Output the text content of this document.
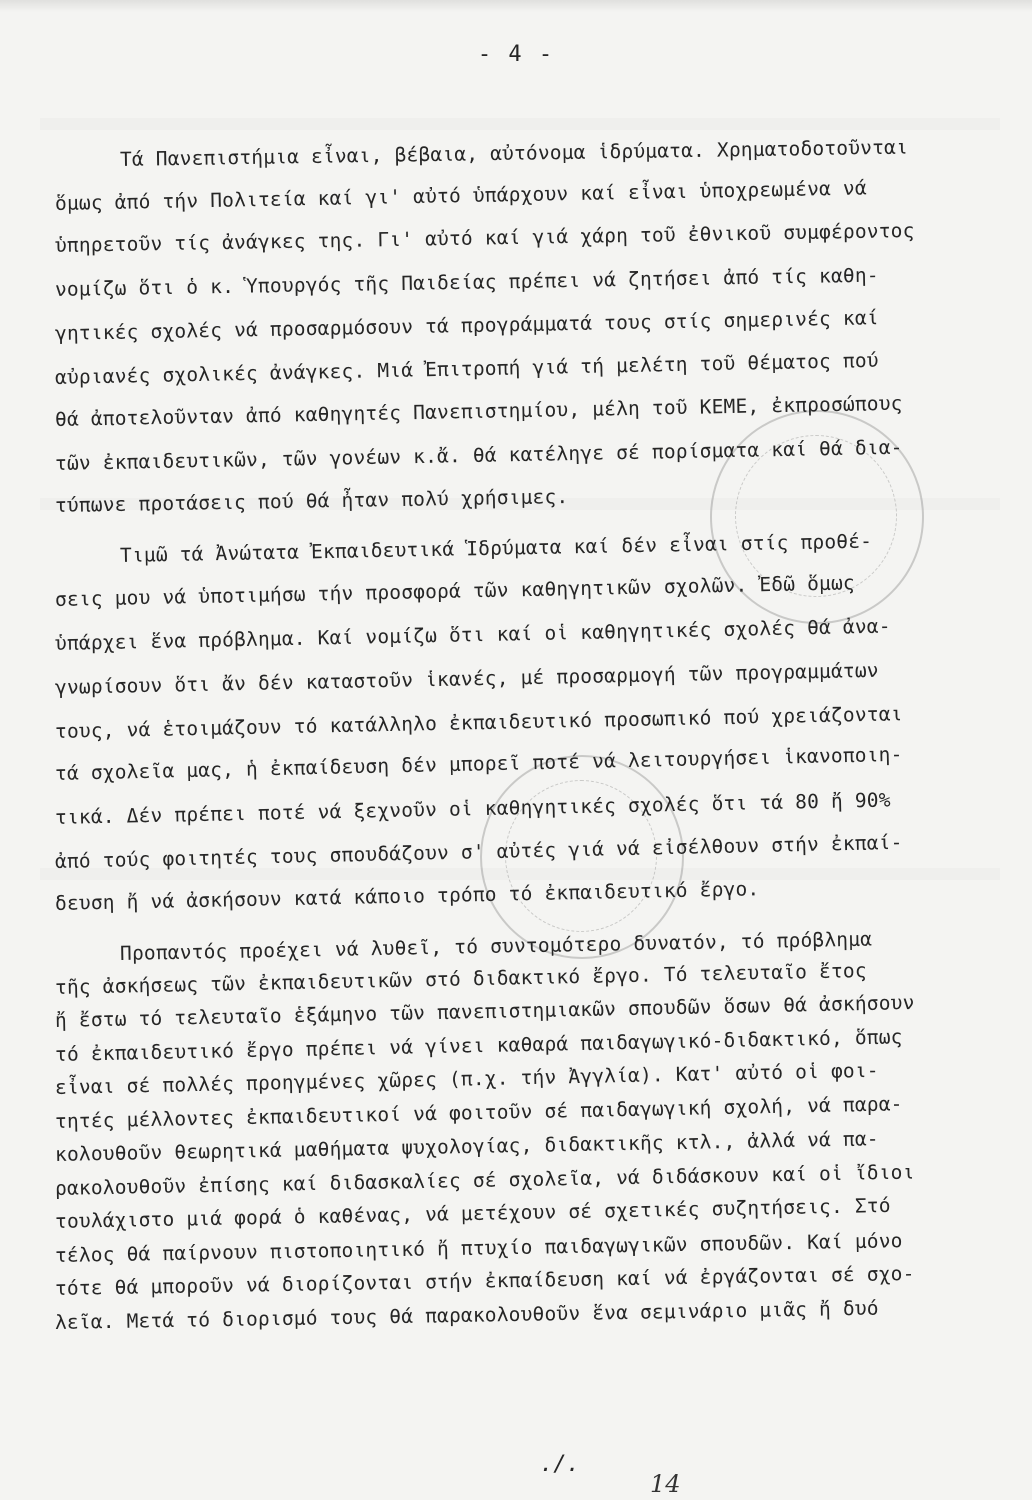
- 4 -
Τά Πανεπιστήμια εἶναι, βέβαια, αὐτόνομα ἱδρύματα. Χρηματοδοτοῦνται
ὅμως ἀπό τήν Πολιτεία καί γι' αὐτό ὑπάρχουν καί εἶναι ὑποχρεωμένα νά
ὑπηρετοῦν τίς ἀνάγκες της. Γι' αὐτό καί γιά χάρη τοῦ ἐθνικοῦ συμφέροντος
νομίζω ὅτι ὁ κ. Ὑπουργός τῆς Παιδείας πρέπει νά ζητήσει ἀπό τίς καθη-
γητικές σχολές νά προσαρμόσουν τά προγράμματά τους στίς σημερινές καί
αὐριανές σχολικές ἀνάγκες. Μιά Ἐπιτροπή γιά τή μελέτη τοῦ θέματος πού
θά ἀποτελοῦνταν ἀπό καθηγητές Πανεπιστημίου, μέλη τοῦ ΚΕΜΕ, ἐκπροσώπους
τῶν ἐκπαιδευτικῶν, τῶν γονέων κ.ἄ. θά κατέληγε σέ πορίσματα καί θά δια-
τύπωνε προτάσεις πού θά ἦταν πολύ χρήσιμες.
Τιμῶ τά Ἀνώτατα Ἐκπαιδευτικά Ἱδρύματα καί δέν εἶναι στίς προθέ-
σεις μου νά ὑποτιμήσω τήν προσφορά τῶν καθηγητικῶν σχολῶν. Ἐδῶ ὅμως
ὑπάρχει ἕνα πρόβλημα. Καί νομίζω ὅτι καί οἱ καθηγητικές σχολές θά ἀνα-
γνωρίσουν ὅτι ἄν δέν καταστοῦν ἱκανές, μέ προσαρμογή τῶν προγραμμάτων
τους, νά ἑτοιμάζουν τό κατάλληλο ἐκπαιδευτικό προσωπικό πού χρειάζονται
τά σχολεῖα μας, ἡ ἐκπαίδευση δέν μπορεῖ ποτέ νά λειτουργήσει ἱκανοποιη-
τικά. Δέν πρέπει ποτέ νά ξεχνοῦν οἱ καθηγητικές σχολές ὅτι τά 80 ἤ 90%
ἀπό τούς φοιτητές τους σπουδάζουν σ' αὐτές γιά νά εἰσέλθουν στήν ἐκπαί-
δευση ἤ νά ἀσκήσουν κατά κάποιο τρόπο τό ἐκπαιδευτικό ἔργο.
Προπαντός προέχει νά λυθεῖ, τό συντομότερο δυνατόν, τό πρόβλημα
τῆς ἀσκήσεως τῶν ἐκπαιδευτικῶν στό διδακτικό ἔργο. Τό τελευταῖο ἔτος
ἤ ἔστω τό τελευταῖο ἑξάμηνο τῶν πανεπιστημιακῶν σπουδῶν ὅσων θά ἀσκήσουν
τό ἐκπαιδευτικό ἔργο πρέπει νά γίνει καθαρά παιδαγωγικό-διδακτικό, ὅπως
εἶναι σέ πολλές προηγμένες χῶρες (π.χ. τήν Ἀγγλία). Κατ' αὐτό οἱ φοι-
τητές μέλλοντες ἐκπαιδευτικοί νά φοιτοῦν σέ παιδαγωγική σχολή, νά παρα-
κολουθοῦν θεωρητικά μαθήματα ψυχολογίας, διδακτικῆς κτλ., ἀλλά νά πα-
ρακολουθοῦν ἐπίσης καί διδασκαλίες σέ σχολεῖα, νά διδάσκουν καί οἱ ἴδιοι
τουλάχιστο μιά φορά ὁ καθένας, νά μετέχουν σέ σχετικές συζητήσεις. Στό
τέλος θά παίρνουν πιστοποιητικό ἤ πτυχίο παιδαγωγικῶν σπουδῶν. Καί μόνο
τότε θά μποροῦν νά διορίζονται στήν ἐκπαίδευση καί νά ἐργάζονται σέ σχο-
λεῖα. Μετά τό διορισμό τους θά παρακολουθοῦν ἕνα σεμινάριο μιᾶς ἤ δυό
./.
14
